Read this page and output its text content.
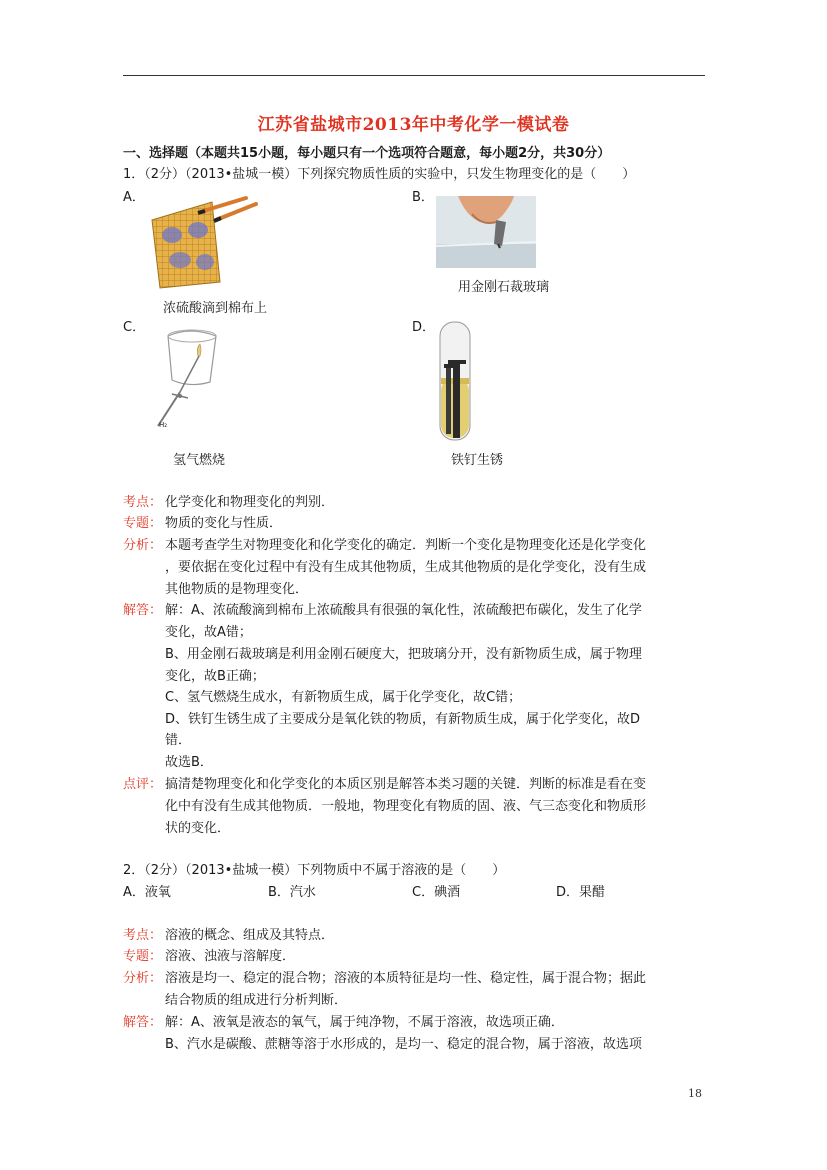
江苏省盐城市2013年中考化学一模试卷
一、选择题（本题共15小题，每小题只有一个选项符合题意，每小题2分，共30分）
1．（2分）（2013•盐城一模）下列探究物质性质的实验中，只发生物理变化的是（　　）
A．	B．
浓硫酸滴到棉布上
用金刚石裁玻璃
C．	D．
H₂
氢气燃烧	铁钉生锈
考点： 化学变化和物理变化的判别．
专题： 物质的变化与性质．
分析： 本题考查学生对物理变化和化学变化的确定．判断一个变化是物理变化还是化学变化
，要依据在变化过程中有没有生成其他物质，生成其他物质的是化学变化，没有生成
其他物质的是物理变化．
解答： 解：A、浓硫酸滴到棉布上浓硫酸具有很强的氧化性，浓硫酸把布碳化，发生了化学
变化，故A错；
B、用金刚石裁玻璃是利用金刚石硬度大，把玻璃分开，没有新物质生成，属于物理
变化，故B正确；
C、氢气燃烧生成水，有新物质生成，属于化学变化，故C错；
D、铁钉生锈生成了主要成分是氧化铁的物质，有新物质生成，属于化学变化，故D
错．
故选B．
点评： 搞清楚物理变化和化学变化的本质区别是解答本类习题的关键．判断的标准是看在变
化中有没有生成其他物质．一般地，物理变化有物质的固、液、气三态变化和物质形
状的变化．
2．（2分）（2013•盐城一模）下列物质中不属于溶液的是（　　）
A．液氧	B．汽水	C．碘酒	D．果醋
考点： 溶液的概念、组成及其特点．
专题： 溶液、浊液与溶解度．
分析： 溶液是均一、稳定的混合物；溶液的本质特征是均一性、稳定性，属于混合物；据此
结合物质的组成进行分析判断．
解答： 解：A、液氧是液态的氧气，属于纯净物，不属于溶液，故选项正确．
B、汽水是碳酸、蔗糖等溶于水形成的，是均一、稳定的混合物，属于溶液，故选项
18
